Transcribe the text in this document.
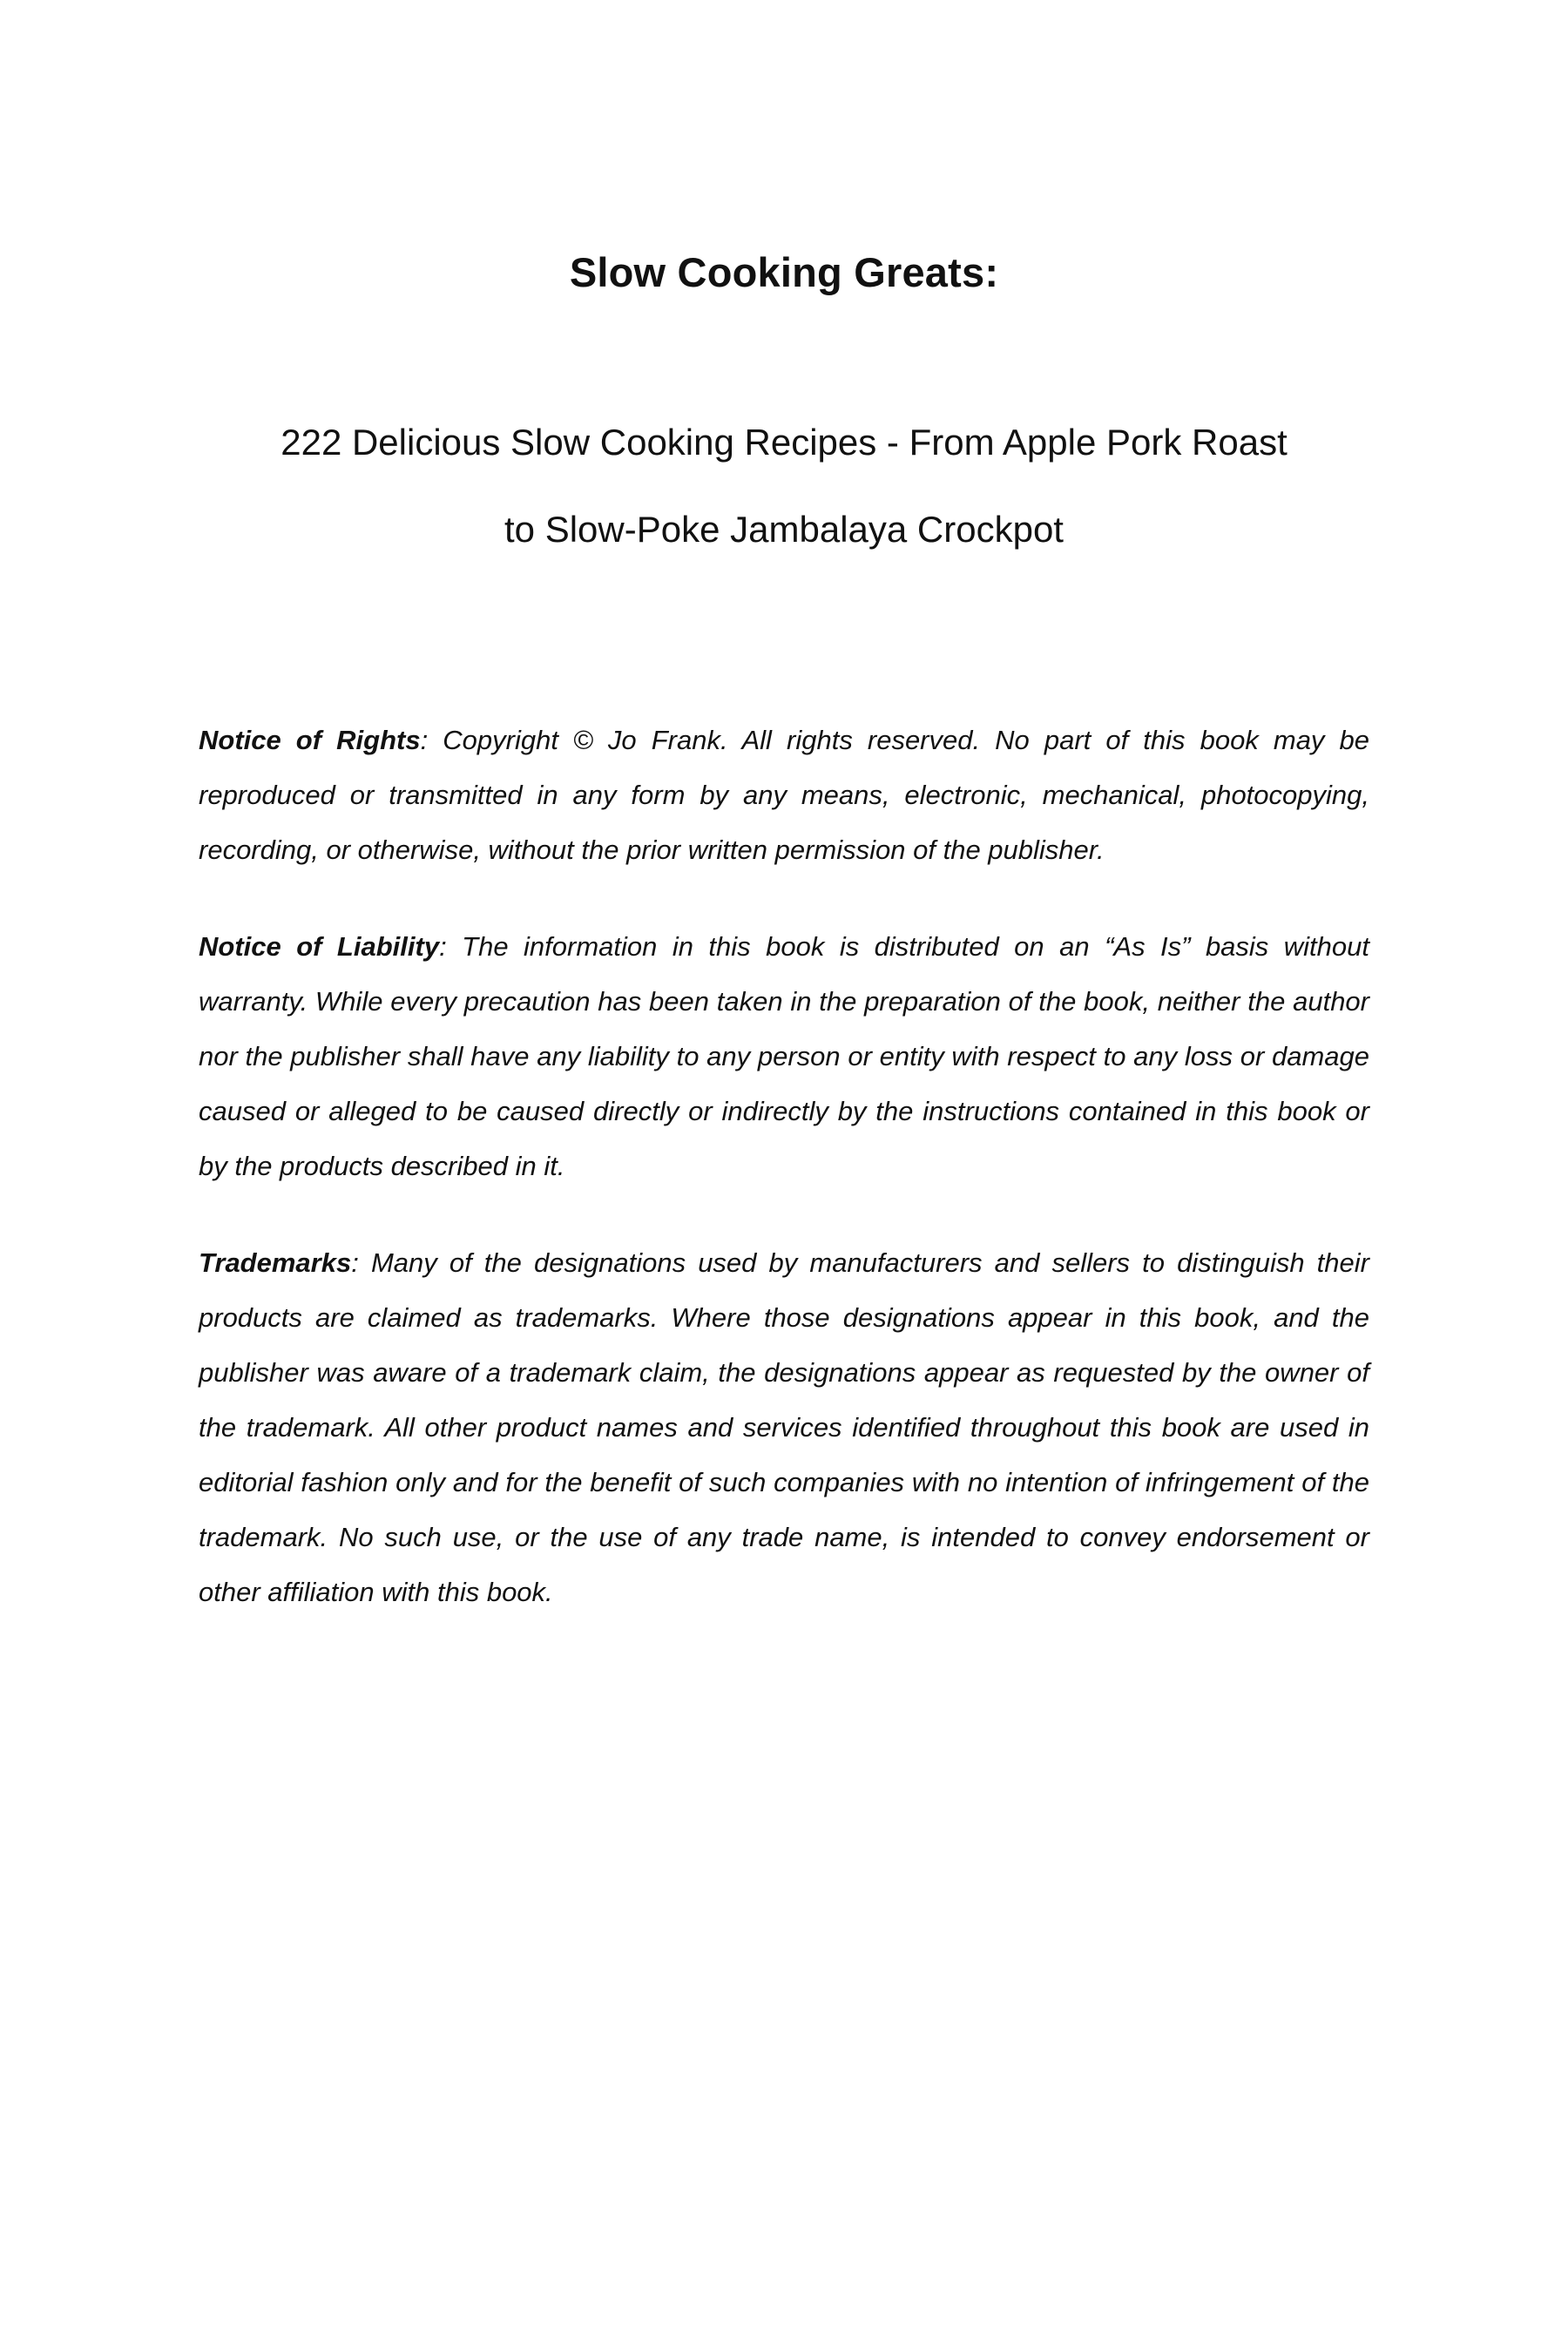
Slow Cooking Greats:
222 Delicious Slow Cooking Recipes - From Apple Pork Roast
to Slow-Poke Jambalaya Crockpot

Notice of Rights: Copyright © Jo Frank. All rights reserved. No part of this book may be reproduced or transmitted in any form by any means, electronic, mechanical, photocopying, recording, or otherwise, without the prior written permission of the publisher.

Notice of Liability: The information in this book is distributed on an “As Is” basis without warranty. While every precaution has been taken in the preparation of the book, neither the author nor the publisher shall have any liability to any person or entity with respect to any loss or damage caused or alleged to be caused directly or indirectly by the instructions contained in this book or by the products described in it.

Trademarks: Many of the designations used by manufacturers and sellers to distinguish their products are claimed as trademarks. Where those designations appear in this book, and the publisher was aware of a trademark claim, the designations appear as requested by the owner of the trademark. All other product names and services identified throughout this book are used in editorial fashion only and for the benefit of such companies with no intention of infringement of the trademark. No such use, or the use of any trade name, is intended to convey endorsement or other affiliation with this book.
